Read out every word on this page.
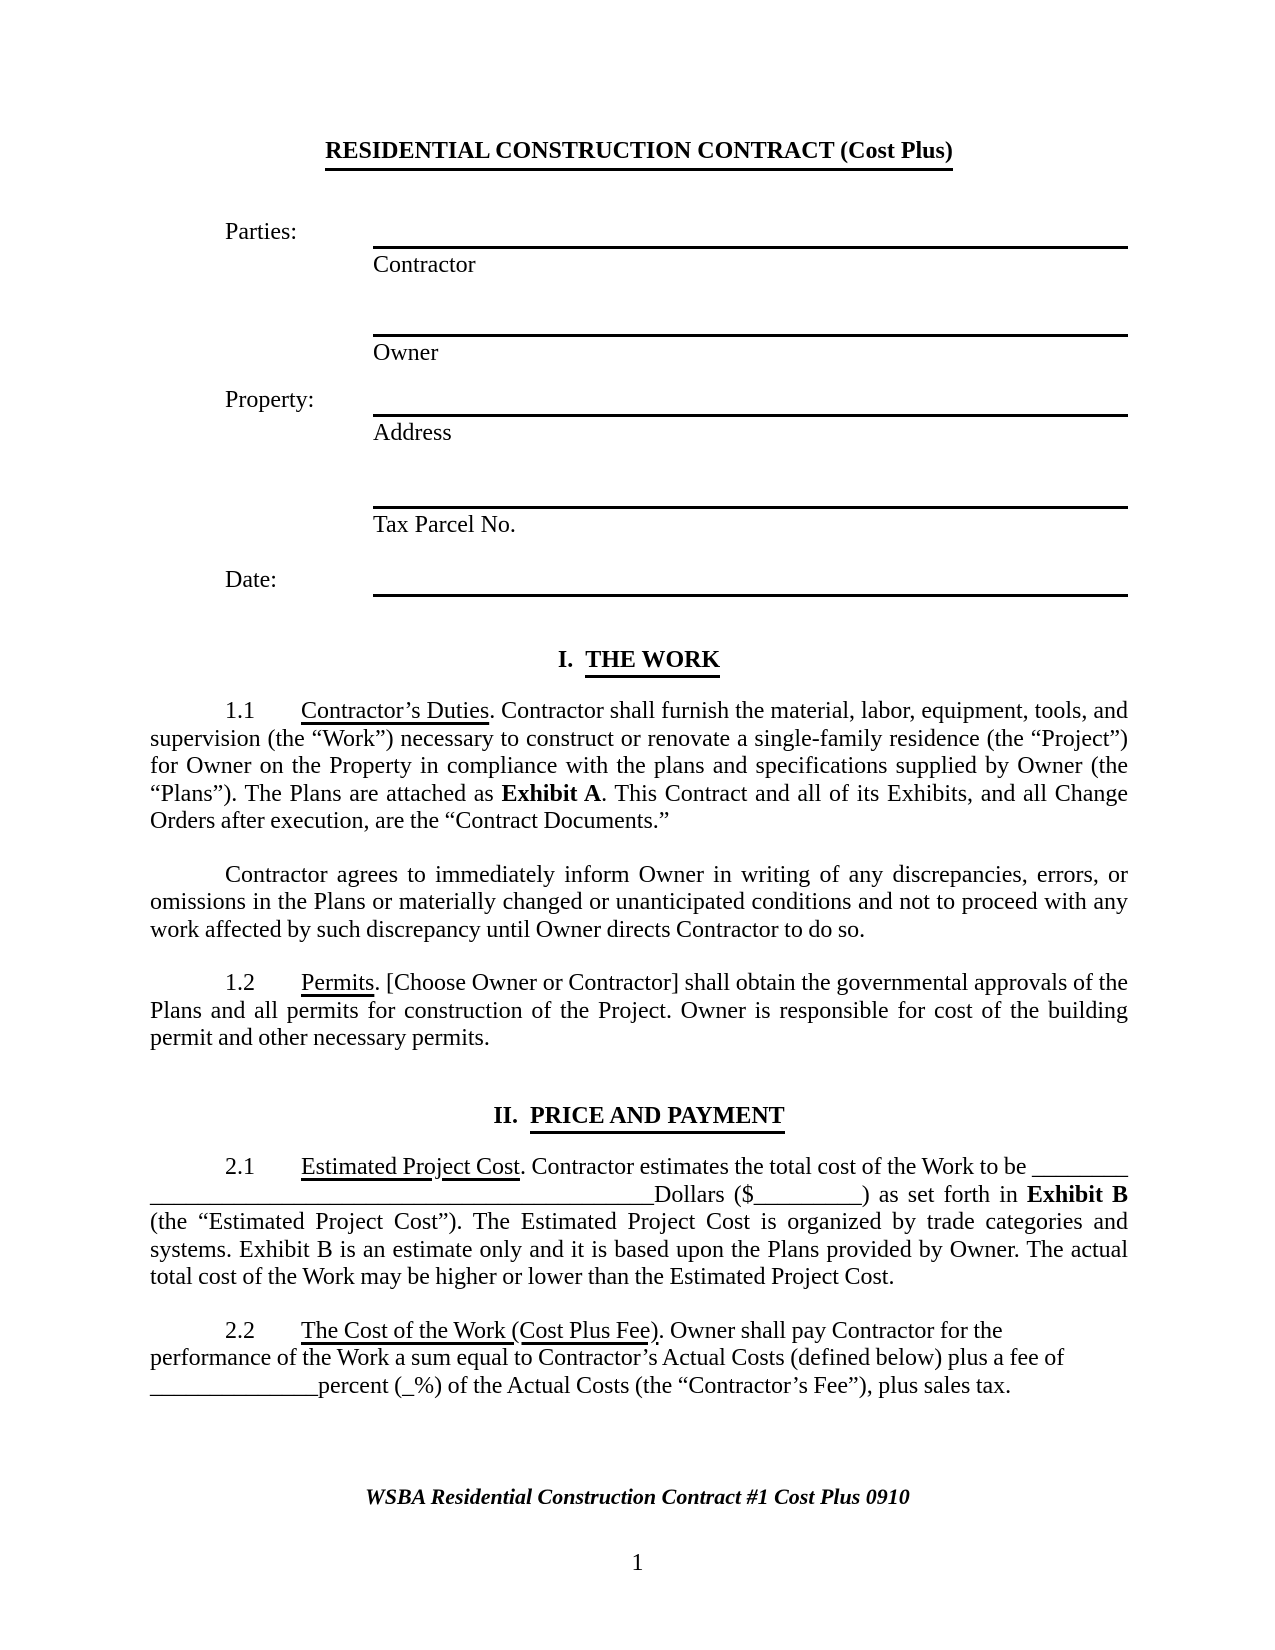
RESIDENTIAL CONSTRUCTION CONTRACT (Cost Plus)
Parties:
Contractor
Owner
Property:
Address
Tax Parcel No.
Date:
I.  THE WORK
1.1 Contractor’s Duties. Contractor shall furnish the material, labor, equipment, tools, and supervision (the “Work”) necessary to construct or renovate a single-family residence (the “Project”) for Owner on the Property in compliance with the plans and specifications supplied by Owner (the “Plans”). The Plans are attached as Exhibit A. This Contract and all of its Exhibits, and all Change Orders after execution, are the “Contract Documents.”
Contractor agrees to immediately inform Owner in writing of any discrepancies, errors, or omissions in the Plans or materially changed or unanticipated conditions and not to proceed with any work affected by such discrepancy until Owner directs Contractor to do so.
1.2 Permits. [Choose Owner or Contractor] shall obtain the governmental approvals of the Plans and all permits for construction of the Project. Owner is responsible for cost of the building permit and other necessary permits.
II.  PRICE AND PAYMENT
2.1 Estimated Project Cost. Contractor estimates the total cost of the Work to be ________ __________________________________________Dollars ($_________) as set forth in Exhibit B (the “Estimated Project Cost”). The Estimated Project Cost is organized by trade categories and systems. Exhibit B is an estimate only and it is based upon the Plans provided by Owner. The actual total cost of the Work may be higher or lower than the Estimated Project Cost.
2.2 The Cost of the Work (Cost Plus Fee). Owner shall pay Contractor for the performance of the Work a sum equal to Contractor’s Actual Costs (defined below) plus a fee of ______________percent (_%) of the Actual Costs (the “Contractor’s Fee”), plus sales tax.
WSBA Residential Construction Contract #1 Cost Plus 0910
1
